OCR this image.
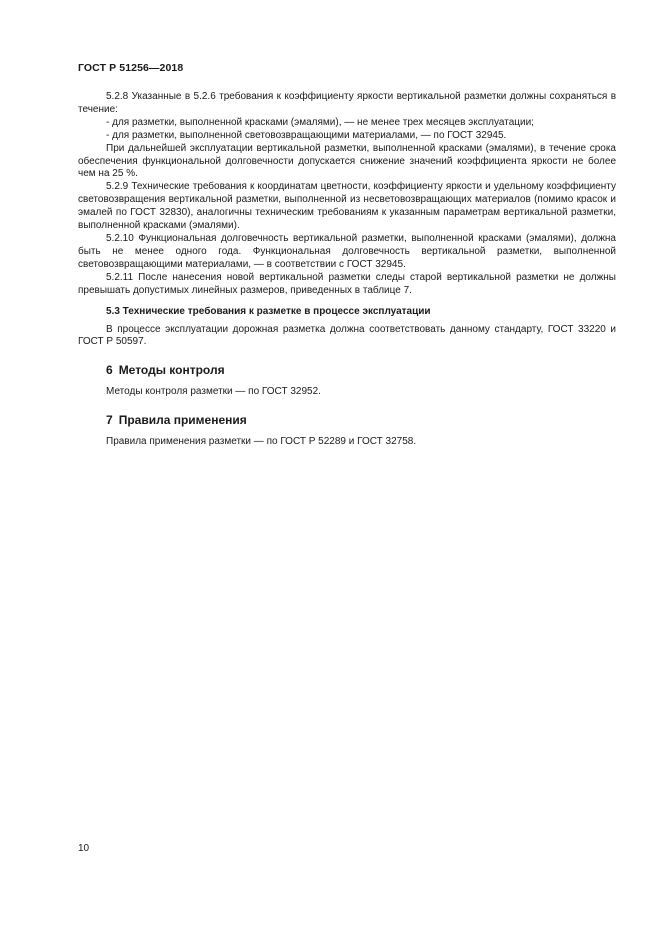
ГОСТ Р 51256—2018

5.2.8 Указанные в 5.2.6 требования к коэффициенту яркости вертикальной разметки должны сохраняться в течение:

- для разметки, выполненной красками (эмалями), — не менее трех месяцев эксплуатации;

- для разметки, выполненной световозвращающими материалами, — по ГОСТ 32945.

При дальнейшей эксплуатации вертикальной разметки, выполненной красками (эмалями), в течение срока обеспечения функциональной долговечности допускается снижение значений коэффициента яркости не более чем на 25 %.

5.2.9 Технические требования к координатам цветности, коэффициенту яркости и удельному коэффициенту световозвращения вертикальной разметки, выполненной из несветовозвращающих материалов (помимо красок и эмалей по ГОСТ 32830), аналогичны техническим требованиям к указанным параметрам вертикальной разметки, выполненной красками (эмалями).

5.2.10 Функциональная долговечность вертикальной разметки, выполненной красками (эмалями), должна быть не менее одного года. Функциональная долговечность вертикальной разметки, выполненной световозвращающими материалами, — в соответствии с ГОСТ 32945.

5.2.11 После нанесения новой вертикальной разметки следы старой вертикальной разметки не должны превышать допустимых линейных размеров, приведенных в таблице 7.

5.3 Технические требования к разметке в процессе эксплуатации

В процессе эксплуатации дорожная разметка должна соответствовать данному стандарту, ГОСТ 33220 и ГОСТ Р 50597.

6 Методы контроля

Методы контроля разметки — по ГОСТ 32952.

7 Правила применения

Правила применения разметки — по ГОСТ Р 52289 и ГОСТ 32758.

10
